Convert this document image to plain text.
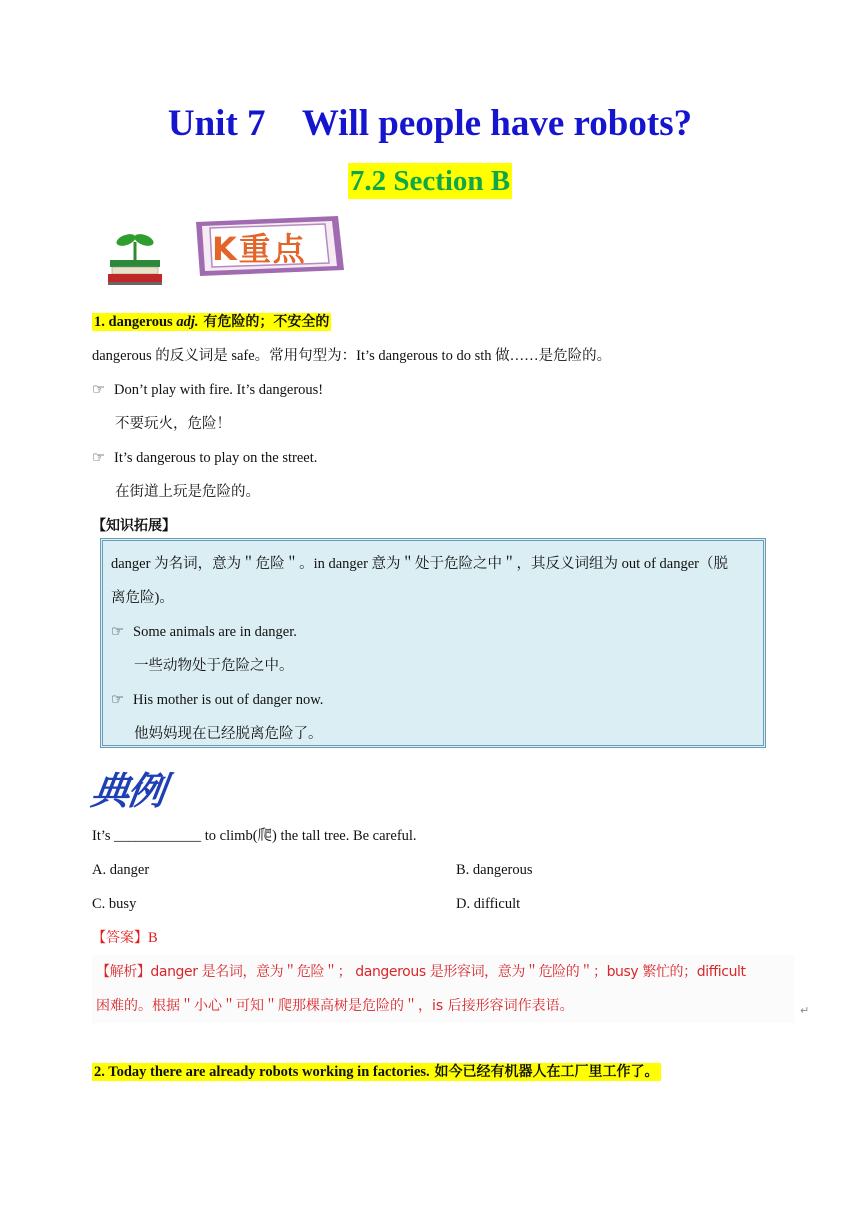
Unit 7    Will people have robots?
7.2 Section B
K重点
1. dangerous adj. 有危险的；不安全的
dangerous 的反义词是 safe。常用句型为：It’s dangerous to do sth 做……是危险的。
☞ Don’t play with fire. It’s dangerous!
不要玩火，危险！
☞ It’s dangerous to play on the street.
在街道上玩是危险的。
【知识拓展】
danger 为名词，意为＂危险＂。in danger 意为＂处于危险之中＂，其反义词组为 out of danger（脱
离危险)。
☞ Some animals are in danger.
一些动物处于危险之中。
☞ His mother is out of danger now.
他妈妈现在已经脱离危险了。
典例
It’s ____________ to climb(爬) the tall tree. Be careful.
A. danger	B. dangerous
C. busy	D. difficult
【答案】B
【解析】danger 是名词，意为＂危险＂； dangerous 是形容词，意为＂危险的＂；busy 繁忙的；difficult
困难的。根据＂小心＂可知＂爬那棵高树是危险的＂，is 后接形容词作表语。	↵
2. Today there are already robots working in factories. 如今已经有机器人在工厂里工作了。
